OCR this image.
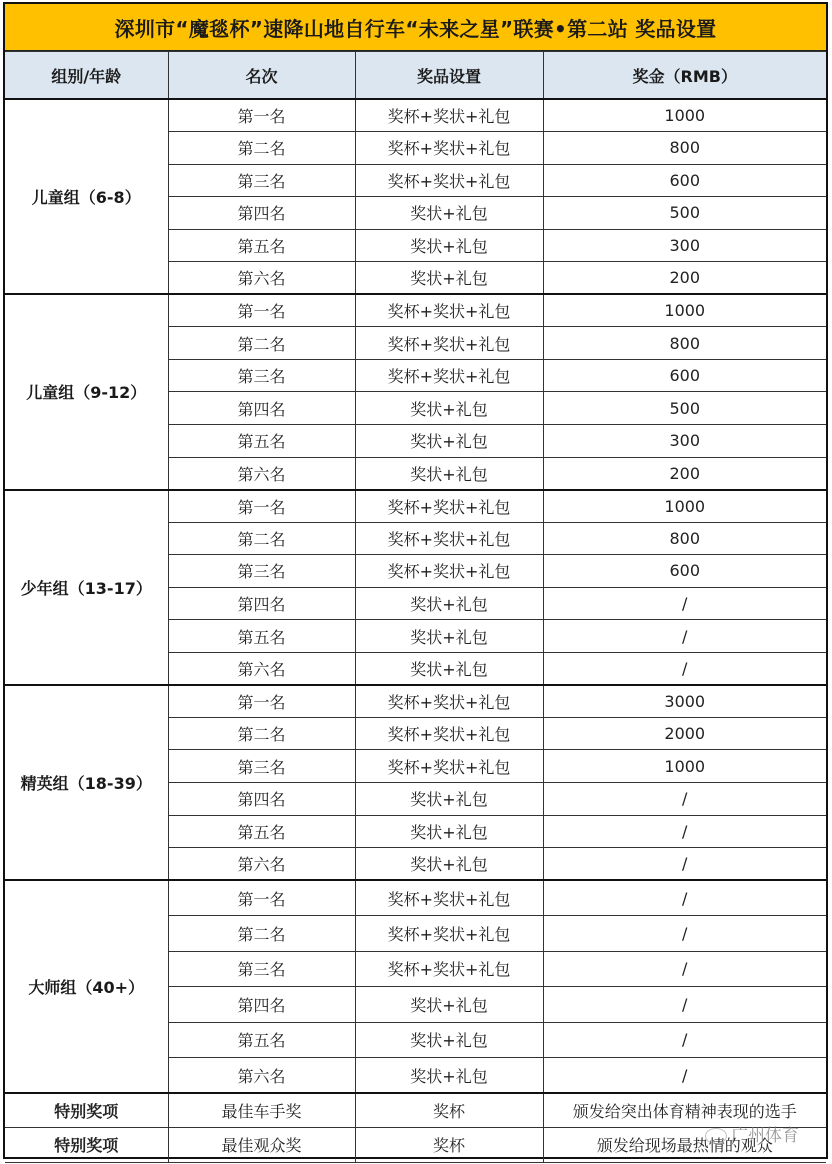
深圳市“魔毯杯”速降山地自行车“未来之星”联赛•第二站 奖品设置
组别/年龄	名次	奖品设置	奖金（RMB）
儿童组（6-8）	第一名	奖杯+奖状+礼包	1000
	第二名	奖杯+奖状+礼包	800
	第三名	奖杯+奖状+礼包	600
	第四名	奖状+礼包	500
	第五名	奖状+礼包	300
	第六名	奖状+礼包	200
儿童组（9-12）	第一名	奖杯+奖状+礼包	1000
	第二名	奖杯+奖状+礼包	800
	第三名	奖杯+奖状+礼包	600
	第四名	奖状+礼包	500
	第五名	奖状+礼包	300
	第六名	奖状+礼包	200
少年组（13-17）	第一名	奖杯+奖状+礼包	1000
	第二名	奖杯+奖状+礼包	800
	第三名	奖杯+奖状+礼包	600
	第四名	奖状+礼包	/
	第五名	奖状+礼包	/
	第六名	奖状+礼包	/
精英组（18-39）	第一名	奖杯+奖状+礼包	3000
	第二名	奖杯+奖状+礼包	2000
	第三名	奖杯+奖状+礼包	1000
	第四名	奖状+礼包	/
	第五名	奖状+礼包	/
	第六名	奖状+礼包	/
大师组（40+）	第一名	奖杯+奖状+礼包	/
	第二名	奖杯+奖状+礼包	/
	第三名	奖杯+奖状+礼包	/
	第四名	奖状+礼包	/
	第五名	奖状+礼包	/
	第六名	奖状+礼包	/
特别奖项	最佳车手奖	奖杯	颁发给突出体育精神表现的选手
特别奖项	最佳观众奖	奖杯	颁发给现场最热情的观众
广州体育
